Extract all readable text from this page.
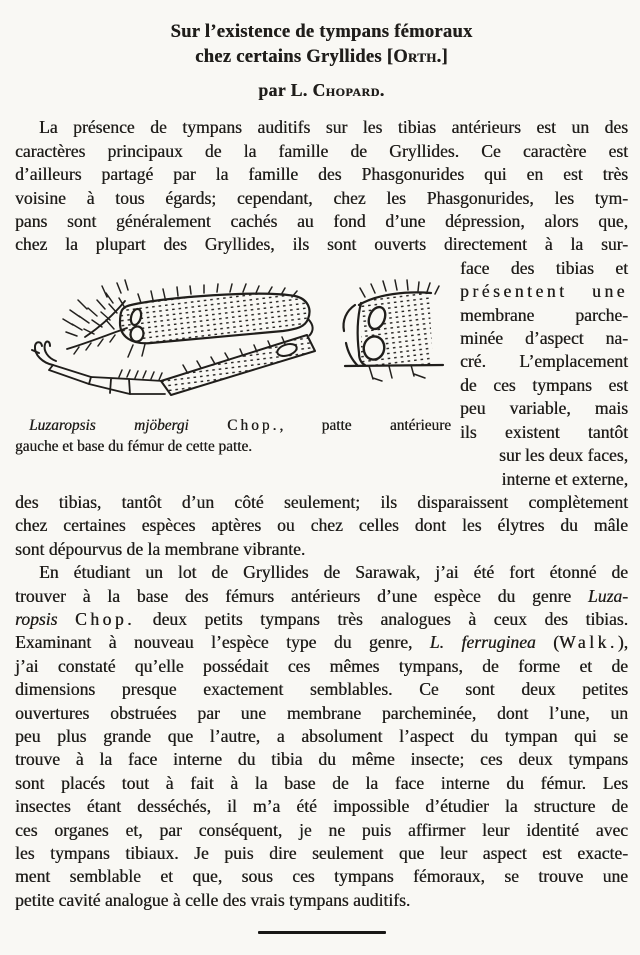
Sur l’existence de tympans fémoraux
chez certains Gryllides [Orth.]
par L. Chopard.
La présence de tympans auditifs sur les tibias antérieurs est un des
caractères principaux de la famille de Gryllides. Ce caractère est
d’ailleurs partagé par la famille des Phasgonurides qui en est très
voisine à tous égards; cependant, chez les Phasgonurides, les tym-
pans sont généralement cachés au fond d’une dépression, alors que,
chez la plupart des Gryllides, ils sont ouverts directement à la sur-
Luzaropsis mjöbergi	Chop., patte antérieure
gauche et base du fémur de cette patte.
face des tibias et
présentent une
membrane parche-
minée d’aspect na-
cré. L’emplacement
de ces tympans est
peu variable, mais
ils existent tantôt
sur les deux faces,
interne et externe,
des tibias, tantôt d’un côté seulement; ils disparaissent complètement
chez certaines espèces aptères ou chez celles dont les élytres du mâle
sont dépourvus de la membrane vibrante.
En étudiant un lot de Gryllides de Sarawak, j’ai été fort étonné de
trouver à la base des fémurs antérieurs d’une espèce du genre Luza-
ropsis Chop. deux petits tympans très analogues à ceux des tibias.
Examinant à nouveau l’espèce type du genre, L. ferruginea (Walk.),
j’ai constaté qu’elle possédait ces mêmes tympans, de forme et de
dimensions presque exactement semblables. Ce sont deux petites
ouvertures obstruées par une membrane parcheminée, dont l’une, un
peu plus grande que l’autre, a absolument l’aspect du tympan qui se
trouve à la face interne du tibia du même insecte; ces deux tympans
sont placés tout à fait à la base de la face interne du fémur. Les
insectes étant desséchés, il m’a été impossible d’étudier la structure de
ces organes et, par conséquent, je ne puis affirmer leur identité avec
les tympans tibiaux. Je puis dire seulement que leur aspect est exacte-
ment semblable et que, sous ces tympans fémoraux, se trouve une
petite cavité analogue à celle des vrais tympans auditifs.
